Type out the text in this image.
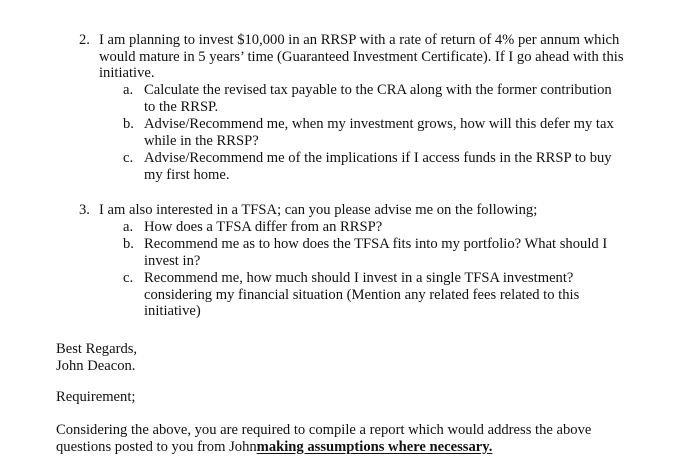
2. I am planning to invest $10,000 in an RRSP with a rate of return of 4% per annum which would mature in 5 years’ time (Guaranteed Investment Certificate). If I go ahead with this initiative.
a. Calculate the revised tax payable to the CRA along with the former contribution to the RRSP.
b. Advise/Recommend me, when my investment grows, how will this defer my tax while in the RRSP?
c. Advise/Recommend me of the implications if I access funds in the RRSP to buy my first home.
3. I am also interested in a TFSA; can you please advise me on the following;
a. How does a TFSA differ from an RRSP?
b. Recommend me as to how does the TFSA fits into my portfolio? What should I invest in?
c. Recommend me, how much should I invest in a single TFSA investment? considering my financial situation (Mention any related fees related to this initiative)
Best Regards,
John Deacon.
Requirement;
Considering the above, you are required to compile a report which would address the above questions posted to you from Johnmaking assumptions where necessary.
